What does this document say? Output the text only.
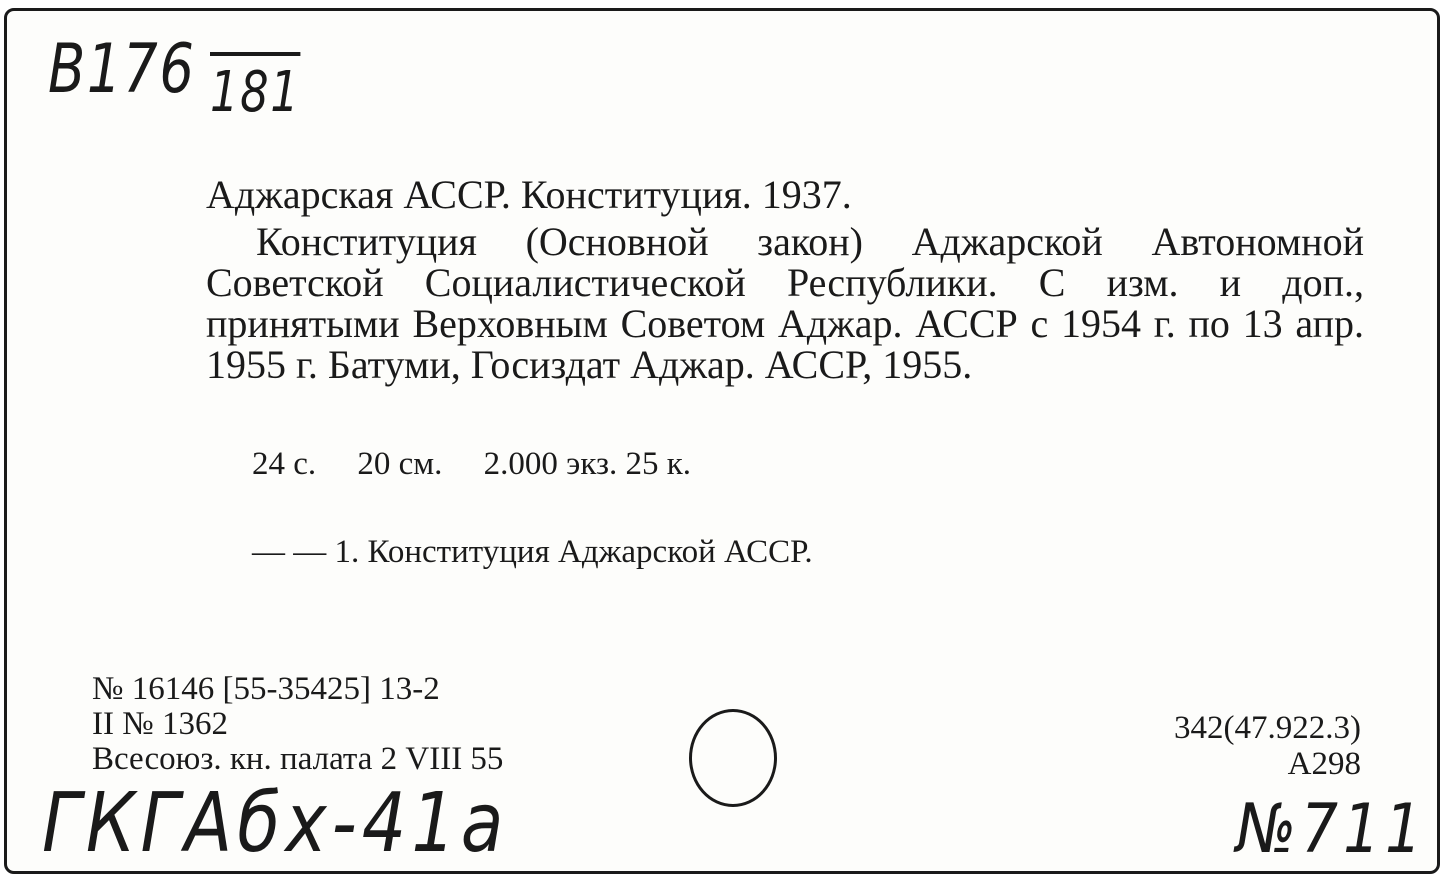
В176 181
Аджарская АССР. Конституция. 1937.
Конституция (Основной закон) Аджарской Автономной Советской Социалистической Республики. С изм. и доп., принятыми Верховным Советом Аджар. АССР с 1954 г. по 13 апр. 1955 г. Батуми, Госиздат Аджар. АССР, 1955.
24 с.     20 см.     2.000 экз. 25 к.
— — 1. Конституция Аджарской АССР.
№ 16146 [55-35425] 13-2
II № 1362
Всесоюз. кн. палата 2 VIII 55
342(47.922.3)
А298
ГКГАбх-41а	№711
